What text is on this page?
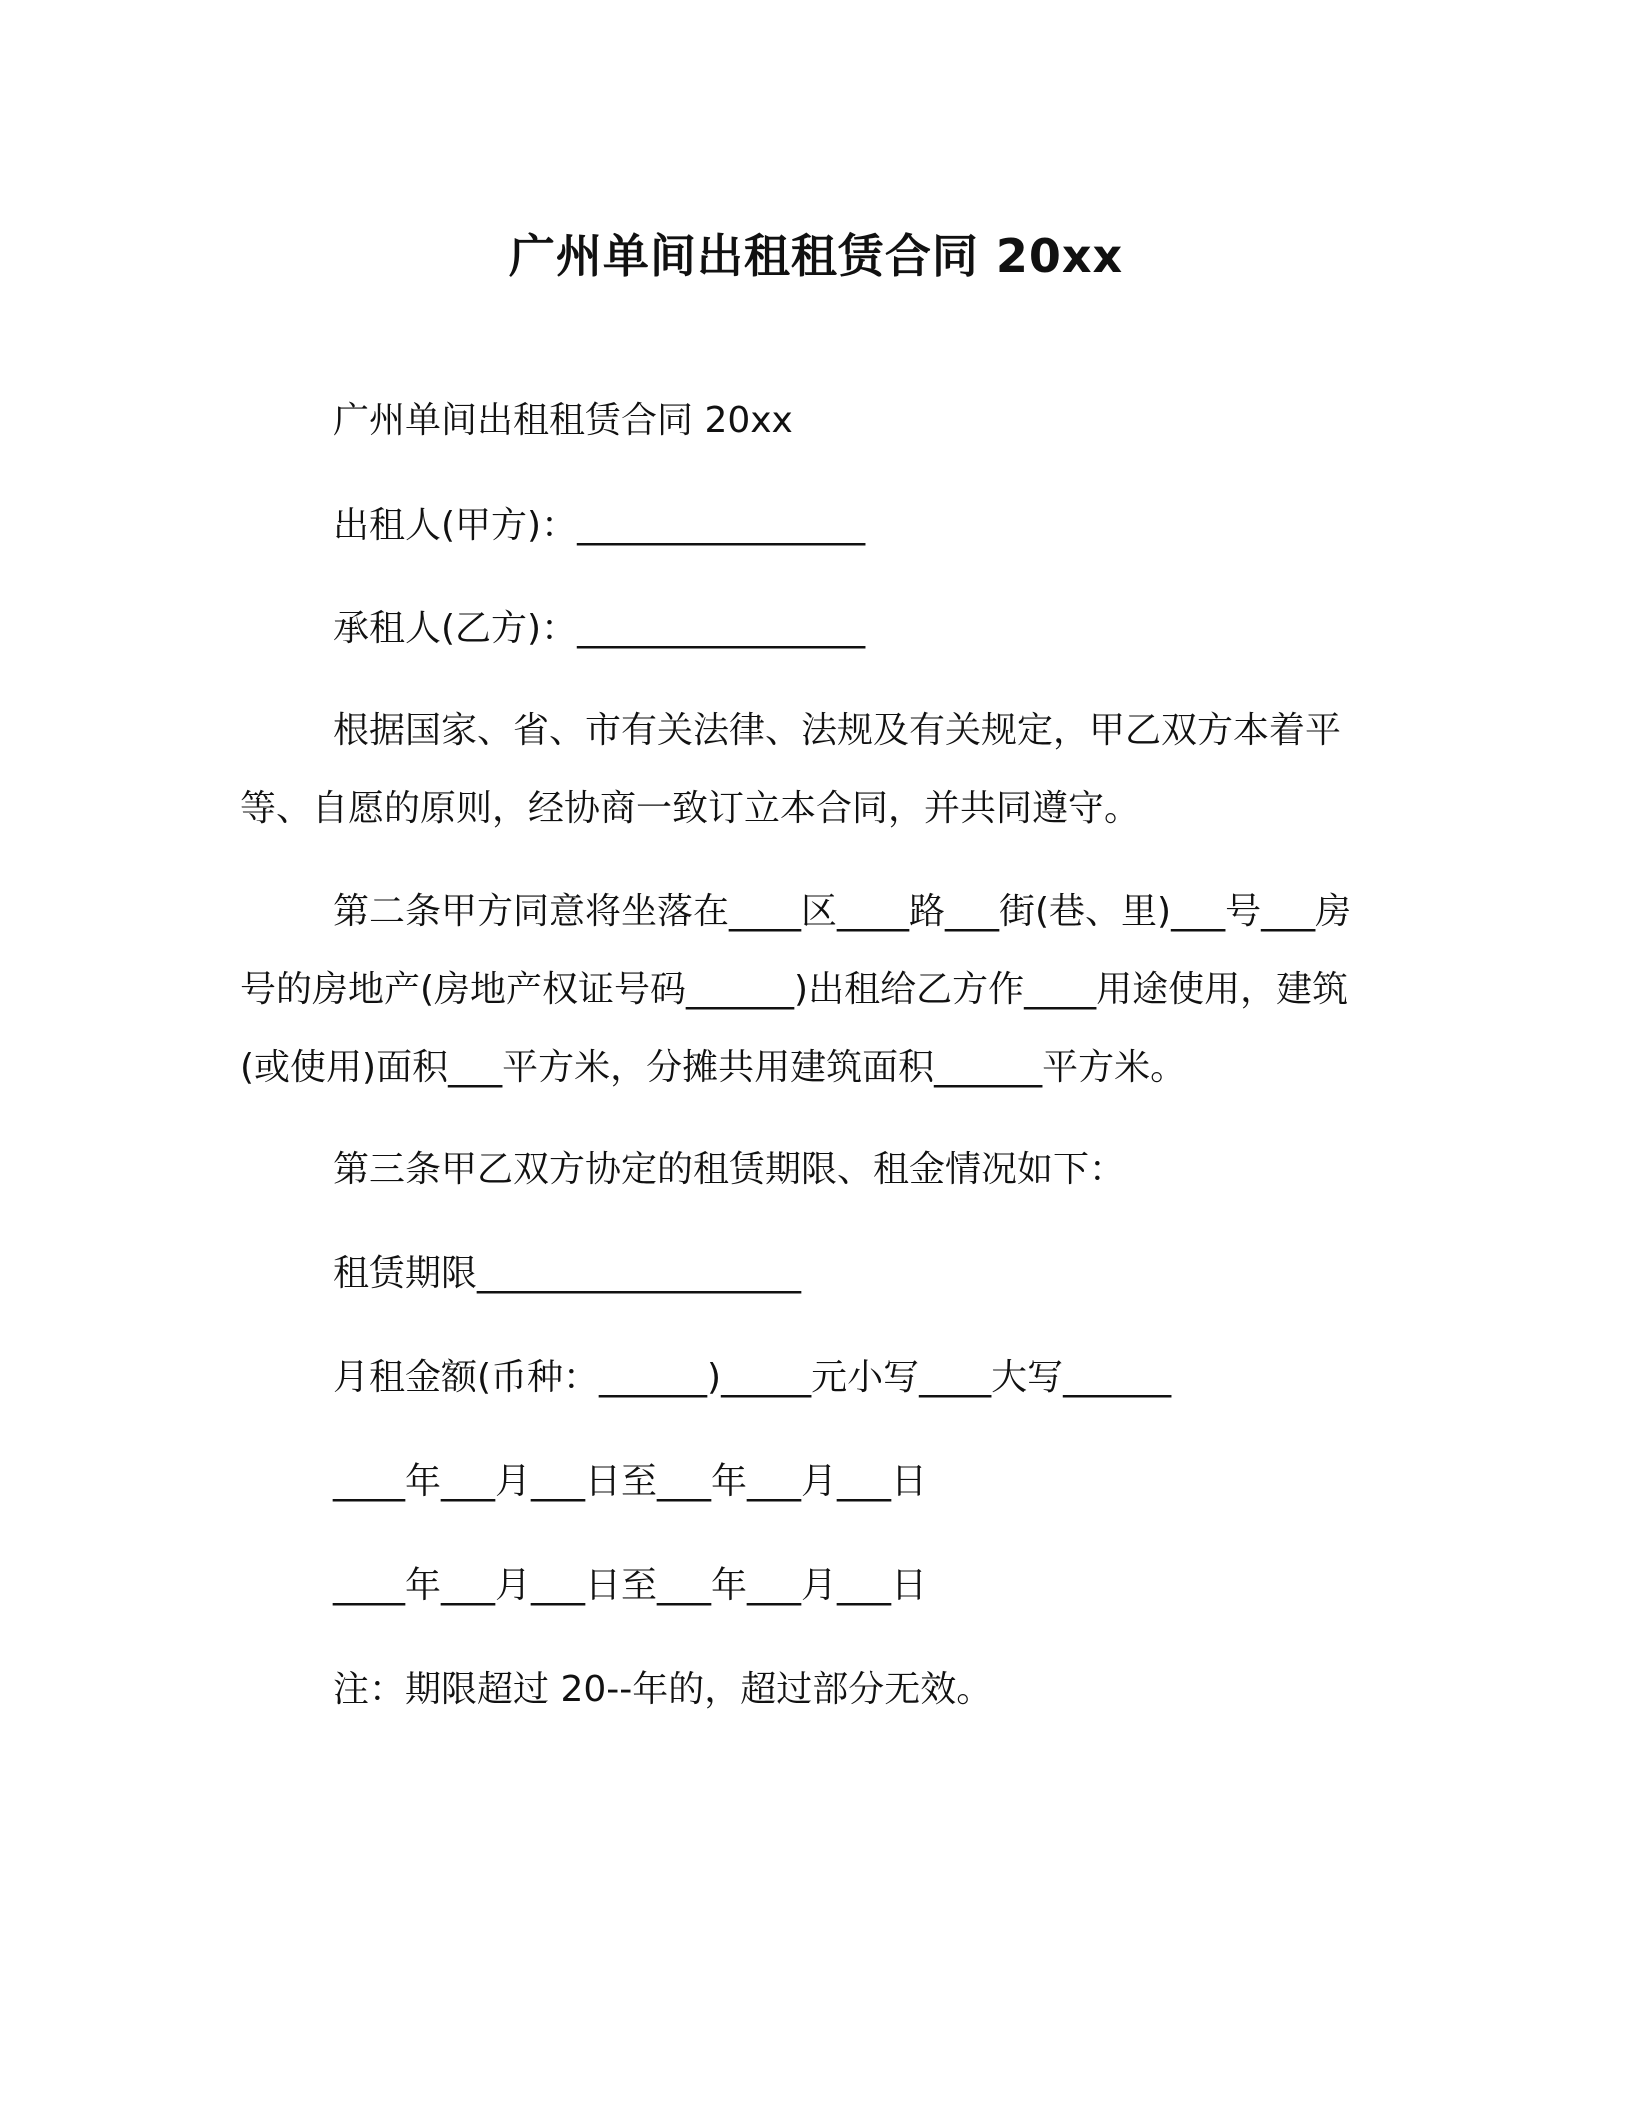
广州单间出租租赁合同 20xx
广州单间出租租赁合同 20xx
出租人(甲方)：________________
承租人(乙方)：________________
根据国家、省、市有关法律、法规及有关规定，甲乙双方本着平等、自愿的原则，经协商一致订立本合同，并共同遵守。
第二条甲方同意将坐落在____区____路___街(巷、里)___号___房号的房地产(房地产权证号码______)出租给乙方作____用途使用，建筑(或使用)面积___平方米，分摊共用建筑面积______平方米。
第三条甲乙双方协定的租赁期限、租金情况如下：
租赁期限__________________
月租金额(币种：______)_____元小写____大写______
____年___月___日至___年___月___日
____年___月___日至___年___月___日
注：期限超过 20--年的，超过部分无效。
